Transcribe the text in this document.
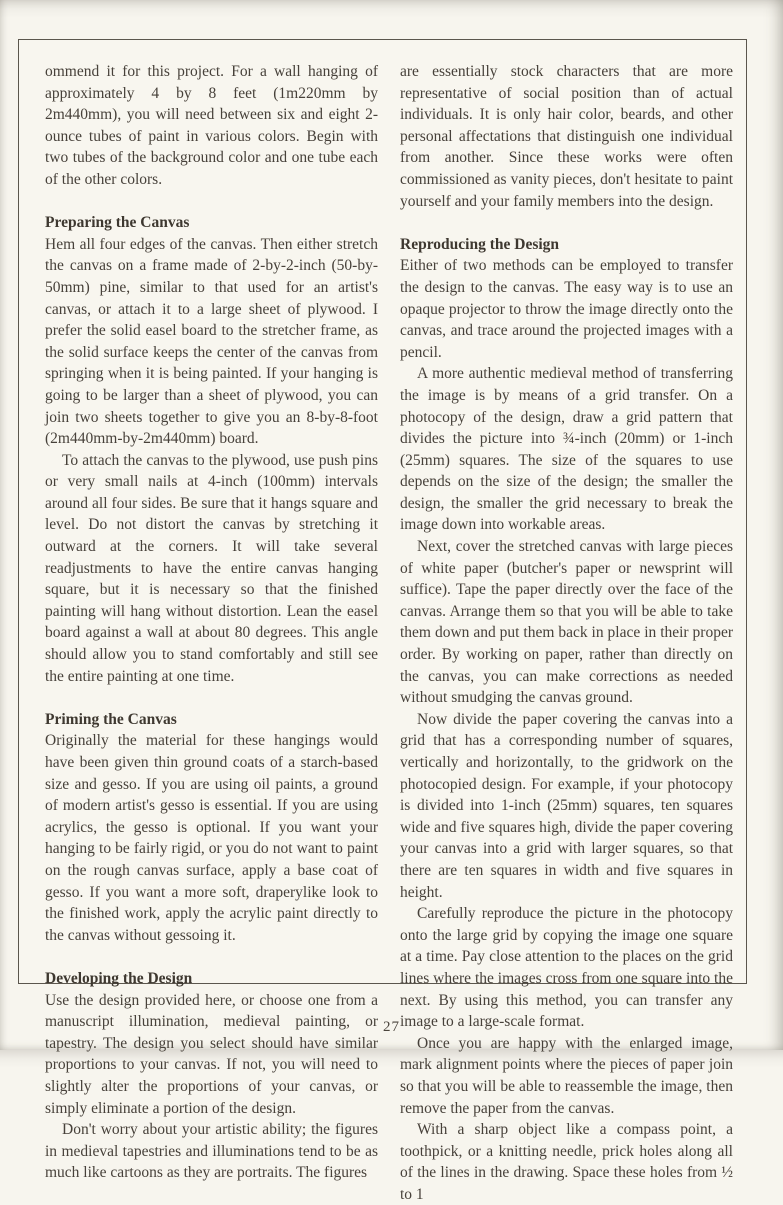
ommend it for this project. For a wall hanging of approximately 4 by 8 feet (1m220mm by 2m440mm), you will need between six and eight 2-ounce tubes of paint in various colors. Begin with two tubes of the background color and one tube each of the other colors.

Preparing the Canvas

Hem all four edges of the canvas. Then either stretch the canvas on a frame made of 2-by-2-inch (50-by-50mm) pine, similar to that used for an artist's canvas, or attach it to a large sheet of plywood. I prefer the solid easel board to the stretcher frame, as the solid surface keeps the center of the canvas from springing when it is being painted. If your hanging is going to be larger than a sheet of plywood, you can join two sheets together to give you an 8-by-8-foot (2m440mm-by-2m440mm) board.

To attach the canvas to the plywood, use push pins or very small nails at 4-inch (100mm) intervals around all four sides. Be sure that it hangs square and level. Do not distort the canvas by stretching it outward at the corners. It will take several readjustments to have the entire canvas hanging square, but it is necessary so that the finished painting will hang without distortion. Lean the easel board against a wall at about 80 degrees. This angle should allow you to stand comfortably and still see the entire painting at one time.

Priming the Canvas

Originally the material for these hangings would have been given thin ground coats of a starch-based size and gesso. If you are using oil paints, a ground of modern artist's gesso is essential. If you are using acrylics, the gesso is optional. If you want your hanging to be fairly rigid, or you do not want to paint on the rough canvas surface, apply a base coat of gesso. If you want a more soft, draperylike look to the finished work, apply the acrylic paint directly to the canvas without gessoing it.

Developing the Design

Use the design provided here, or choose one from a manuscript illumination, medieval painting, or tapestry. The design you select should have similar proportions to your canvas. If not, you will need to slightly alter the proportions of your canvas, or simply eliminate a portion of the design.

Don't worry about your artistic ability; the figures in medieval tapestries and illuminations tend to be as much like cartoons as they are portraits. The figures

are essentially stock characters that are more representative of social position than of actual individuals. It is only hair color, beards, and other personal affectations that distinguish one individual from another. Since these works were often commissioned as vanity pieces, don't hesitate to paint yourself and your family members into the design.

Reproducing the Design

Either of two methods can be employed to transfer the design to the canvas. The easy way is to use an opaque projector to throw the image directly onto the canvas, and trace around the projected images with a pencil.

A more authentic medieval method of transferring the image is by means of a grid transfer. On a photocopy of the design, draw a grid pattern that divides the picture into ¾-inch (20mm) or 1-inch (25mm) squares. The size of the squares to use depends on the size of the design; the smaller the design, the smaller the grid necessary to break the image down into workable areas.

Next, cover the stretched canvas with large pieces of white paper (butcher's paper or newsprint will suffice). Tape the paper directly over the face of the canvas. Arrange them so that you will be able to take them down and put them back in place in their proper order. By working on paper, rather than directly on the canvas, you can make corrections as needed without smudging the canvas ground.

Now divide the paper covering the canvas into a grid that has a corresponding number of squares, vertically and horizontally, to the gridwork on the photocopied design. For example, if your photocopy is divided into 1-inch (25mm) squares, ten squares wide and five squares high, divide the paper covering your canvas into a grid with larger squares, so that there are ten squares in width and five squares in height.

Carefully reproduce the picture in the photocopy onto the large grid by copying the image one square at a time. Pay close attention to the places on the grid lines where the images cross from one square into the next. By using this method, you can transfer any image to a large-scale format.

Once you are happy with the enlarged image, mark alignment points where the pieces of paper join so that you will be able to reassemble the image, then remove the paper from the canvas.

With a sharp object like a compass point, a toothpick, or a knitting needle, prick holes along all of the lines in the drawing. Space these holes from ½ to 1

27
